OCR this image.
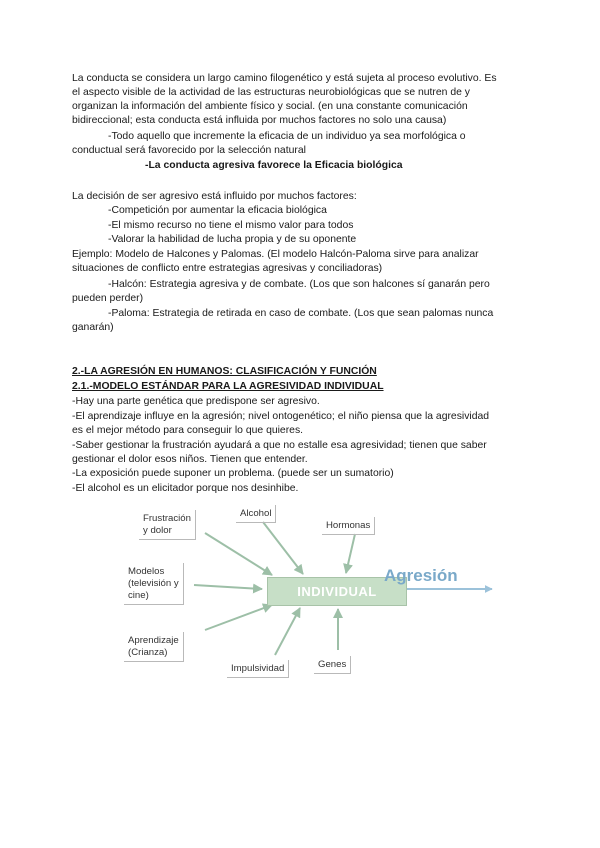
La conducta se considera un largo camino filogenético y está sujeta al proceso evolutivo. Es
el aspecto visible de la actividad de las estructuras neurobiológicas que se nutren de y
organizan la información del ambiente físico y social. (en una constante comunicación
bidireccional; esta conducta está influida por muchos factores no solo una causa)
-Todo aquello que incremente la eficacia de un individuo ya sea morfológica o
conductual será favorecido por la selección natural
-La conducta agresiva favorece la Eficacia biológica
La decisión de ser agresivo está influido por muchos factores:
-Competición por aumentar la eficacia biológica
-El mismo recurso no tiene el mismo valor para todos
-Valorar la habilidad de lucha propia y de su oponente
Ejemplo: Modelo de Halcones y Palomas. (El modelo Halcón-Paloma sirve para analizar
situaciones de conflicto entre estrategias agresivas y conciliadoras)
-Halcón: Estrategia agresiva y de combate. (Los que son halcones sí ganarán pero
pueden perder)
-Paloma: Estrategia de retirada en caso de combate. (Los que sean palomas nunca
ganarán)
2.-LA AGRESIÓN EN HUMANOS: CLASIFICACIÓN Y FUNCIÓN
2.1.-MODELO ESTÁNDAR PARA LA AGRESIVIDAD INDIVIDUAL
-Hay una parte genética que predispone ser agresivo.
-El aprendizaje influye en la agresión; nivel ontogenético; el niño piensa que la agresividad
es el mejor método para conseguir lo que quieres.
-Saber gestionar la frustración ayudará a que no estalle esa agresividad; tienen que saber
gestionar el dolor esos niños. Tienen que entender.
-La exposición puede suponer un problema. (puede ser un sumatorio)
-El alcohol es un elicitador porque nos desinhibe.
INDIVIDUAL
Agresión
Frustración
y dolor
Alcohol
Hormonas
Modelos
(televisión y
cine)
Aprendizaje
(Crianza)
Impulsividad	Genes
